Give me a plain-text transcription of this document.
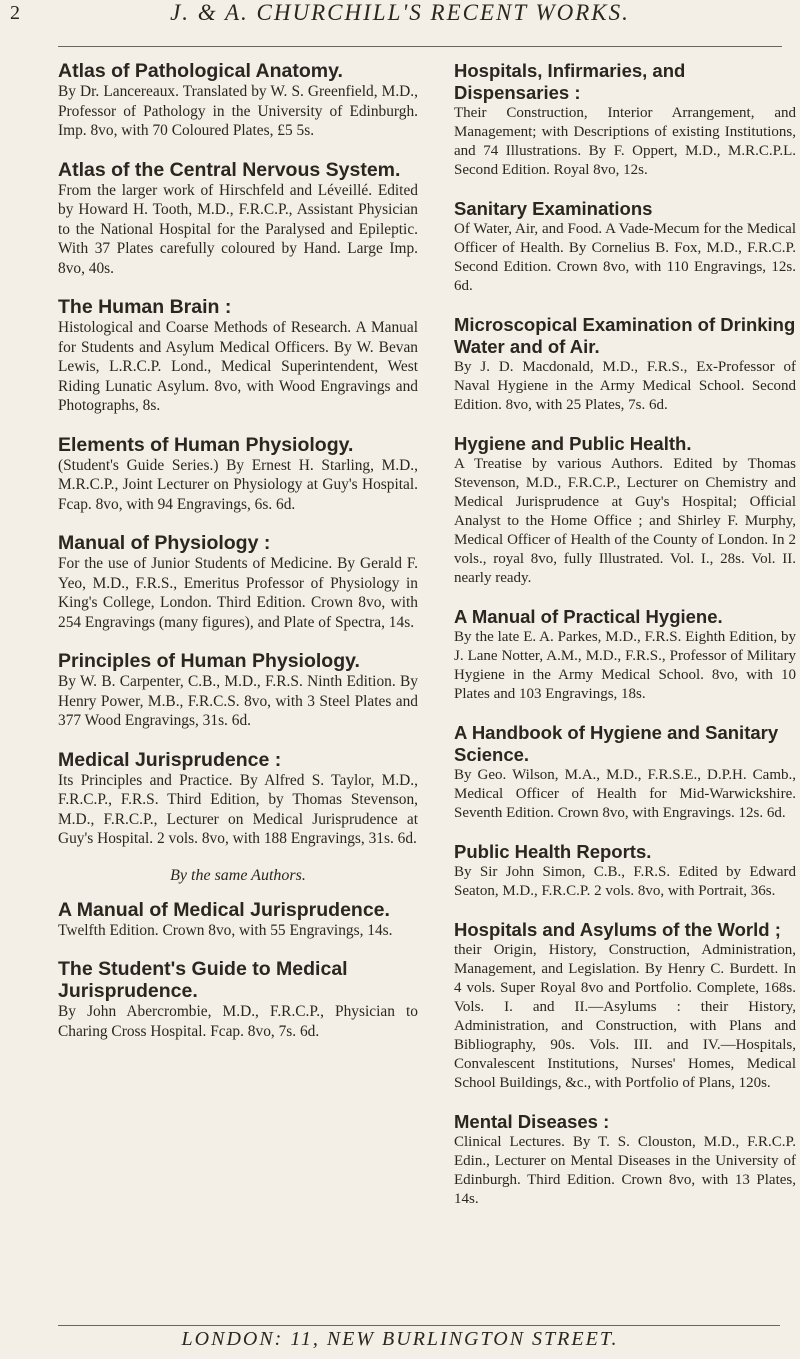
2	J. & A. CHURCHILL'S RECENT WORKS.

Atlas of Pathological Anatomy.

By Dr. Lancereaux. Translated by W. S. Greenfield, M.D., Professor of Pathology in the University of Edinburgh. Imp. 8vo, with 70 Coloured Plates, £5 5s.

Atlas of the Central Nervous System.

From the larger work of Hirschfeld and Léveillé. Edited by Howard H. Tooth, M.D., F.R.C.P., Assistant Physician to the National Hospital for the Paralysed and Epileptic. With 37 Plates carefully coloured by Hand. Large Imp. 8vo, 40s.

The Human Brain :

Histological and Coarse Methods of Research. A Manual for Students and Asylum Medical Officers. By W. Bevan Lewis, L.R.C.P. Lond., Medical Superintendent, West Riding Lunatic Asylum. 8vo, with Wood Engravings and Photographs, 8s.

Elements of Human Physiology.

(Student's Guide Series.) By Ernest H. Starling, M.D., M.R.C.P., Joint Lecturer on Physiology at Guy's Hospital. Fcap. 8vo, with 94 Engravings, 6s. 6d.

Manual of Physiology :

For the use of Junior Students of Medicine. By Gerald F. Yeo, M.D., F.R.S., Emeritus Professor of Physiology in King's College, London. Third Edition. Crown 8vo, with 254 Engravings (many figures), and Plate of Spectra, 14s.

Principles of Human Physiology.

By W. B. Carpenter, C.B., M.D., F.R.S. Ninth Edition. By Henry Power, M.B., F.R.C.S. 8vo, with 3 Steel Plates and 377 Wood Engravings, 31s. 6d.

Medical Jurisprudence :

Its Principles and Practice. By Alfred S. Taylor, M.D., F.R.C.P., F.R.S. Third Edition, by Thomas Stevenson, M.D., F.R.C.P., Lecturer on Medical Jurisprudence at Guy's Hospital. 2 vols. 8vo, with 188 Engravings, 31s. 6d.

By the same Authors.

A Manual of Medical Jurisprudence.

Twelfth Edition. Crown 8vo, with 55 Engravings, 14s.

The Student's Guide to Medical Jurisprudence.

By John Abercrombie, M.D., F.R.C.P., Physician to Charing Cross Hospital. Fcap. 8vo, 7s. 6d.

Hospitals, Infirmaries, and Dispensaries :

Their Construction, Interior Arrangement, and Management; with Descriptions of existing Institutions, and 74 Illustrations. By F. Oppert, M.D., M.R.C.P.L. Second Edition. Royal 8vo, 12s.

Sanitary Examinations

Of Water, Air, and Food. A Vade-Mecum for the Medical Officer of Health. By Cornelius B. Fox, M.D., F.R.C.P. Second Edition. Crown 8vo, with 110 Engravings, 12s. 6d.

Microscopical Examination of Drinking Water and of Air.

By J. D. Macdonald, M.D., F.R.S., Ex-Professor of Naval Hygiene in the Army Medical School. Second Edition. 8vo, with 25 Plates, 7s. 6d.

Hygiene and Public Health.

A Treatise by various Authors. Edited by Thomas Stevenson, M.D., F.R.C.P., Lecturer on Chemistry and Medical Jurisprudence at Guy's Hospital; Official Analyst to the Home Office ; and Shirley F. Murphy, Medical Officer of Health of the County of London. In 2 vols., royal 8vo, fully Illustrated. Vol. I., 28s. Vol. II. nearly ready.

A Manual of Practical Hygiene.

By the late E. A. Parkes, M.D., F.R.S. Eighth Edition, by J. Lane Notter, A.M., M.D., F.R.S., Professor of Military Hygiene in the Army Medical School. 8vo, with 10 Plates and 103 Engravings, 18s.

A Handbook of Hygiene and Sanitary Science.

By Geo. Wilson, M.A., M.D., F.R.S.E., D.P.H. Camb., Medical Officer of Health for Mid-Warwickshire. Seventh Edition. Crown 8vo, with Engravings. 12s. 6d.

Public Health Reports.

By Sir John Simon, C.B., F.R.S. Edited by Edward Seaton, M.D., F.R.C.P. 2 vols. 8vo, with Portrait, 36s.

Hospitals and Asylums of the World ;

their Origin, History, Construction, Administration, Management, and Legislation. By Henry C. Burdett. In 4 vols. Super Royal 8vo and Portfolio. Complete, 168s. Vols. I. and II.—Asylums : their History, Administration, and Construction, with Plans and Bibliography, 90s. Vols. III. and IV.—Hospitals, Convalescent Institutions, Nurses' Homes, Medical School Buildings, &c., with Portfolio of Plans, 120s.

Mental Diseases :

Clinical Lectures. By T. S. Clouston, M.D., F.R.C.P. Edin., Lecturer on Mental Diseases in the University of Edinburgh. Third Edition. Crown 8vo, with 13 Plates, 14s.

LONDON: 11, NEW BURLINGTON STREET.
